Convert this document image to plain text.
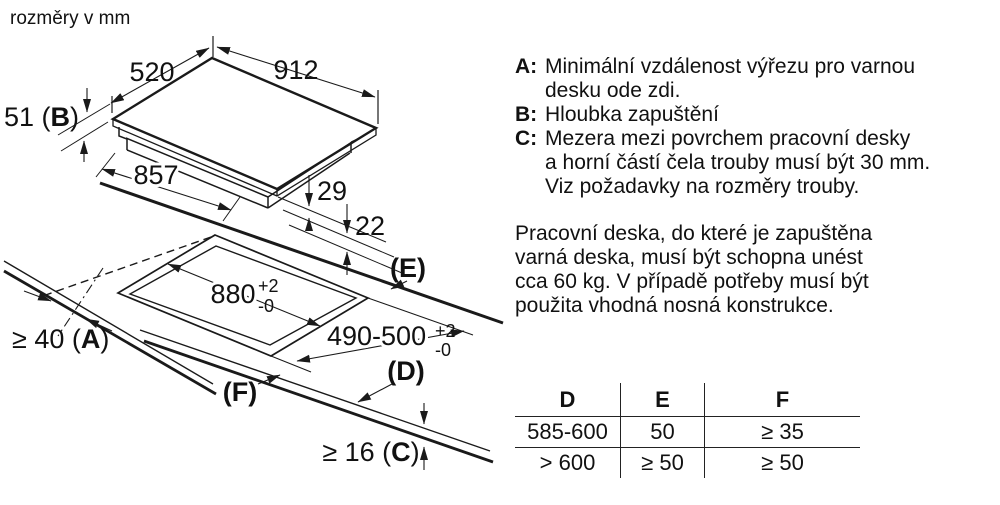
rozměry v mm
880 +2
-0
490-500 +2
-0
≥ 40 (A)
≥ 16 (C)
(E)
(D)
(F)
520	912
51 (B)
857
29
22
A: Minimální vzdálenost výřezu pro varnou
desku ode zdi.
B: Hloubka zapuštění
C: Mezera mezi povrchem pracovní desky
a horní částí čela trouby musí být 30 mm.
Viz požadavky na rozměry trouby.
Pracovní deska, do které je zapuštěna
varná deska, musí být schopna unést
cca 60 kg. V případě potřeby musí být
použita vhodná nosná konstrukce.
D	E	F
585-600	50	≥ 35
> 600	≥ 50	≥ 50
